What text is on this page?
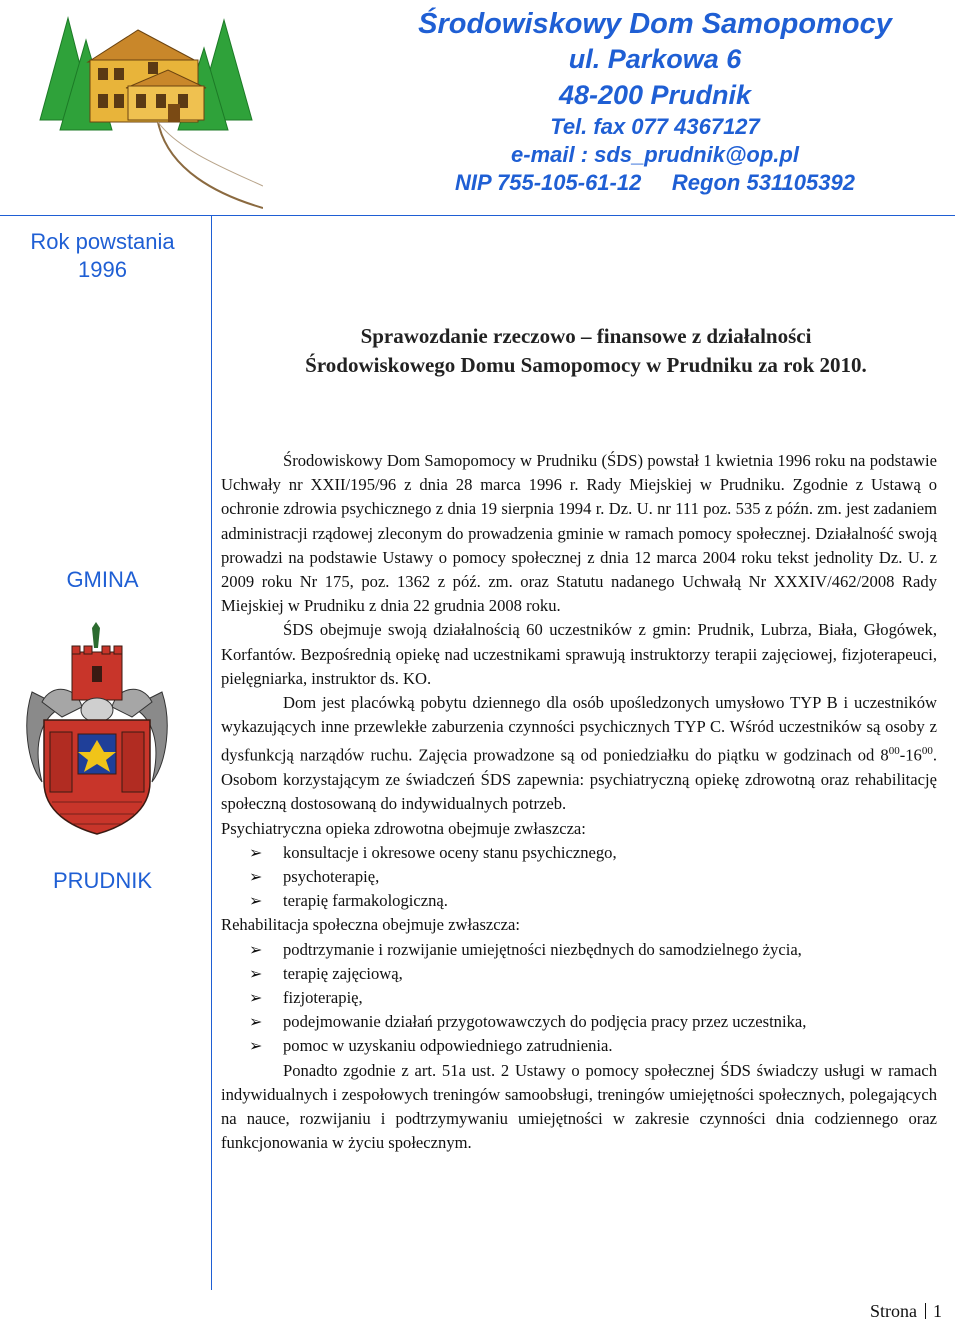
Środowiskowy Dom Samopomocy
ul. Parkowa 6
48-200 Prudnik
Tel. fax 077 4367127
e-mail : sds_prudnik@op.pl
NIP 755-105-61-12 Regon 531105392
Rok powstania
1996
GMINA
PRUDNIK
Sprawozdanie rzeczowo – finansowe z działalności
Środowiskowego Domu Samopomocy w Prudniku za rok 2010.

Środowiskowy Dom Samopomocy w Prudniku (ŚDS) powstał 1 kwietnia 1996 roku na podstawie Uchwały nr XXII/195/96 z dnia 28 marca 1996 r. Rady Miejskiej w Prudniku. Zgodnie z Ustawą o ochronie zdrowia psychicznego z dnia 19 sierpnia 1994 r. Dz. U. nr 111 poz. 535 z późn. zm. jest zadaniem administracji rządowej zleconym do prowadzenia gminie w ramach pomocy społecznej. Działalność swoją prowadzi na podstawie Ustawy o pomocy społecznej z dnia 12 marca 2004 roku tekst jednolity Dz. U. z 2009 roku Nr 175, poz. 1362 z póź. zm. oraz Statutu nadanego Uchwałą Nr XXXIV/462/2008 Rady Miejskiej w Prudniku z dnia 22 grudnia 2008 roku.

ŚDS obejmuje swoją działalnością 60 uczestników z gmin: Prudnik, Lubrza, Biała, Głogówek, Korfantów. Bezpośrednią opiekę nad uczestnikami sprawują instruktorzy terapii zajęciowej, fizjoterapeuci, pielęgniarka, instruktor ds. KO.

Dom jest placówką pobytu dziennego dla osób upośledzonych umysłowo TYP B i uczestników wykazujących inne przewlekłe zaburzenia czynności psychicznych TYP C. Wśród uczestników są osoby z dysfunkcją narządów ruchu. Zajęcia prowadzone są od poniedziałku do piątku w godzinach od $8^{00}-16^{00}$. Osobom korzystającym ze świadczeń ŚDS zapewnia: psychiatryczną opiekę zdrowotną oraz rehabilitację społeczną dostosowaną do indywidualnych potrzeb.

Psychiatryczna opieka zdrowotna obejmuje zwłaszcza:

➢ konsultacje i okresowe oceny stanu psychicznego,
➢ psychoterapię,
➢ terapię farmakologiczną.

Rehabilitacja społeczna obejmuje zwłaszcza:

➢ podtrzymanie i rozwijanie umiejętności niezbędnych do samodzielnego życia,
➢ terapię zajęciową,
➢ fizjoterapię,
➢ podejmowanie działań przygotowawczych do podjęcia pracy przez uczestnika,
➢ pomoc w uzyskaniu odpowiedniego zatrudnienia.

Ponadto zgodnie z art. 51a ust. 2 Ustawy o pomocy społecznej ŚDS świadczy usługi w ramach indywidualnych i zespołowych treningów samoobsługi, treningów umiejętności społecznych, polegających na nauce, rozwijaniu i podtrzymywaniu umiejętności w zakresie czynności dnia codziennego oraz funkcjonowania w życiu społecznym.

Strona 1
